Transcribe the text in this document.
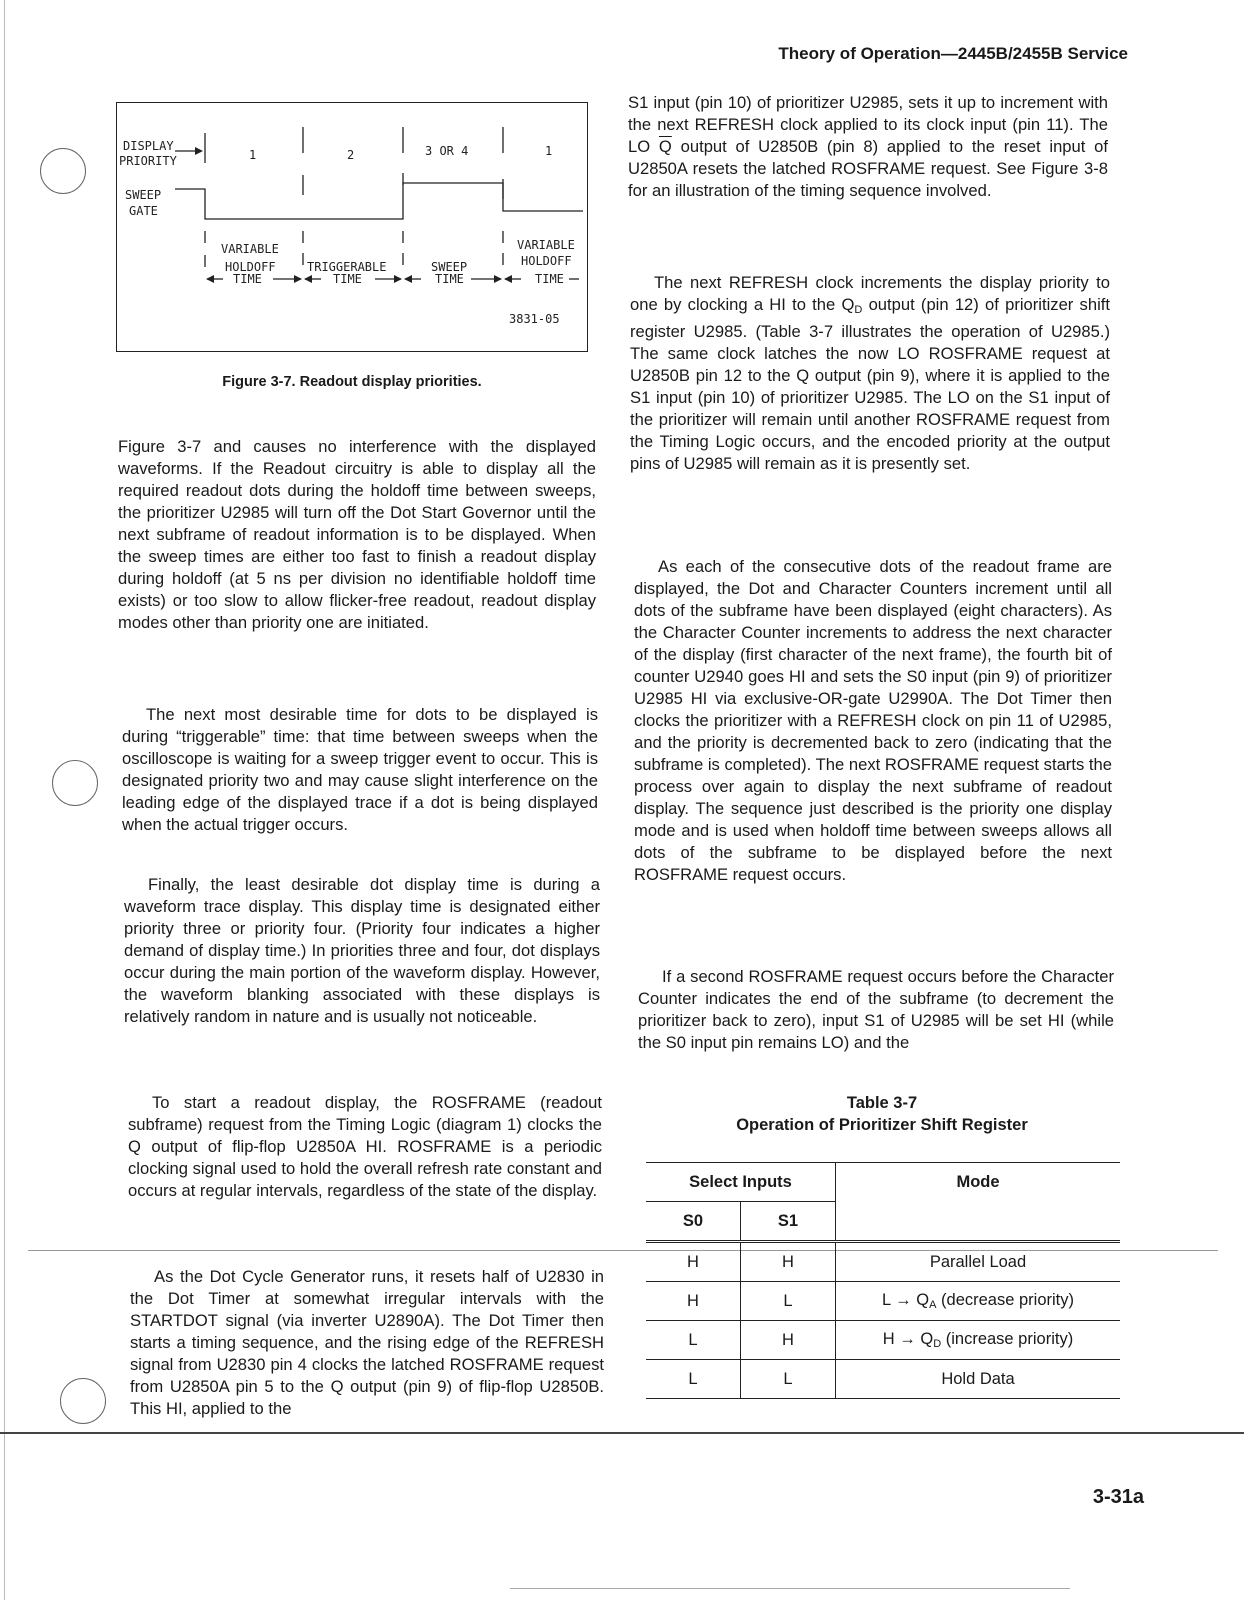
Theory of Operation—2445B/2455B Service
DISPLAY
PRIORITY
SWEEP
GATE
1	2	3 OR 4	1
VARIABLE
HOLDOFF	TRIGGERABLE	SWEEP
VARIABLE
HOLDOFF
TIME	TIME	TIME	TIME
3831-05
Figure 3-7. Readout display priorities.

Figure 3-7 and causes no interference with the displayed waveforms. If the Readout circuitry is able to display all the required readout dots during the holdoff time between sweeps, the prioritizer U2985 will turn off the Dot Start Governor until the next subframe of readout information is to be displayed. When the sweep times are either too fast to finish a readout display during holdoff (at 5 ns per division no identifiable holdoff time exists) or too slow to allow flicker-free readout, readout display modes other than priority one are initiated.

The next most desirable time for dots to be displayed is during “triggerable” time: that time between sweeps when the oscilloscope is waiting for a sweep trigger event to occur. This is designated priority two and may cause slight interference on the leading edge of the displayed trace if a dot is being displayed when the actual trigger occurs.

Finally, the least desirable dot display time is during a waveform trace display. This display time is designated either priority three or priority four. (Priority four indicates a higher demand of display time.) In priorities three and four, dot displays occur during the main portion of the waveform display. However, the waveform blanking associated with these displays is relatively random in nature and is usually not noticeable.

To start a readout display, the ROSFRAME (readout subframe) request from the Timing Logic (diagram 1) clocks the Q output of flip-flop U2850A HI. ROSFRAME is a periodic clocking signal used to hold the overall refresh rate constant and occurs at regular intervals, regardless of the state of the display.

As the Dot Cycle Generator runs, it resets half of U2830 in the Dot Timer at somewhat irregular intervals with the STARTDOT signal (via inverter U2890A). The Dot Timer then starts a timing sequence, and the rising edge of the REFRESH signal from U2830 pin 4 clocks the latched ROSFRAME request from U2850A pin 5 to the Q output (pin 9) of flip-flop U2850B. This HI, applied to the

S1 input (pin 10) of prioritizer U2985, sets it up to increment with the next REFRESH clock applied to its clock input (pin 11). The LO $\overline{Q}$ output of U2850B (pin 8) applied to the reset input of U2850A resets the latched ROSFRAME request. See Figure 3-8 for an illustration of the timing sequence involved.

The next REFRESH clock increments the display priority to one by clocking a HI to the $Q_D$ output (pin 12) of prioritizer shift register U2985. (Table 3-7 illustrates the operation of U2985.) The same clock latches the now LO ROSFRAME request at U2850B pin 12 to the Q output (pin 9), where it is applied to the S1 input (pin 10) of prioritizer U2985. The LO on the S1 input of the prioritizer will remain until another ROSFRAME request from the Timing Logic occurs, and the encoded priority at the output pins of U2985 will remain as it is presently set.

As each of the consecutive dots of the readout frame are displayed, the Dot and Character Counters increment until all dots of the subframe have been displayed (eight characters). As the Character Counter increments to address the next character of the display (first character of the next frame), the fourth bit of counter U2940 goes HI and sets the S0 input (pin 9) of prioritizer U2985 HI via exclusive-OR-gate U2990A. The Dot Timer then clocks the prioritizer with a REFRESH clock on pin 11 of U2985, and the priority is decremented back to zero (indicating that the subframe is completed). The next ROSFRAME request starts the process over again to display the next subframe of readout display. The sequence just described is the priority one display mode and is used when holdoff time between sweeps allows all dots of the subframe to be displayed before the next ROSFRAME request occurs.

If a second ROSFRAME request occurs before the Character Counter indicates the end of the subframe (to decrement the prioritizer back to zero), input S1 of U2985 will be set HI (while the S0 input pin remains LO) and the

Table 3-7
Operation of Prioritizer Shift Register
Select Inputs		Mode
S0	S1	
H	H	Parallel Load
H	L	$L \to Q_A$ (decrease priority)
L	H	$H \to Q_D$ (increase priority)
L	L	Hold Data
3-31a
